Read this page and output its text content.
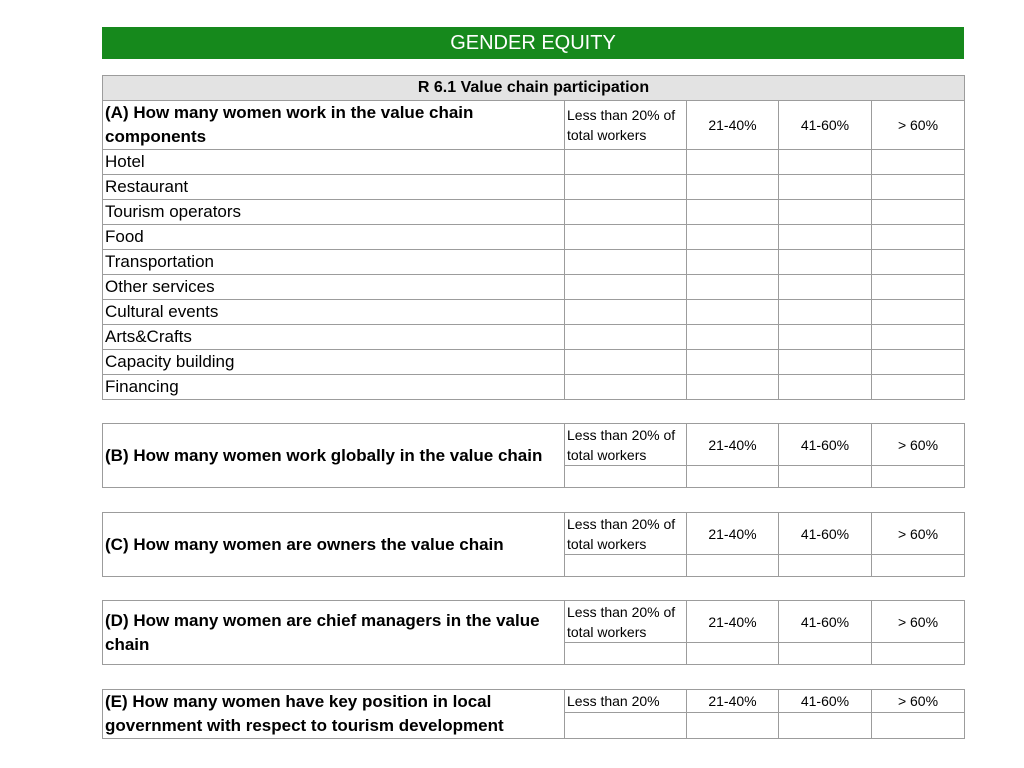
GENDER EQUITY
R 6.1 Value chain participation				
(A) How many women work in the value chain components	Less than 20% of total workers	21-40%	41-60%	> 60%
Hotel				
Restaurant				
Tourism operators				
Food				
Transportation				
Other services				
Cultural events				
Arts&Crafts				
Capacity building				
Financing				
(B) How many women work globally in the value chain	Less than 20% of total workers	21-40%	41-60%	> 60%

(C) How many women are owners the value chain	Less than 20% of total workers	21-40%	41-60%	> 60%

(D) How many women are chief managers in the value chain	Less than 20% of total workers	21-40%	41-60%	> 60%

(E) How many women have key position in local government with respect to tourism development	Less than 20%	21-40%	41-60%	> 60%
